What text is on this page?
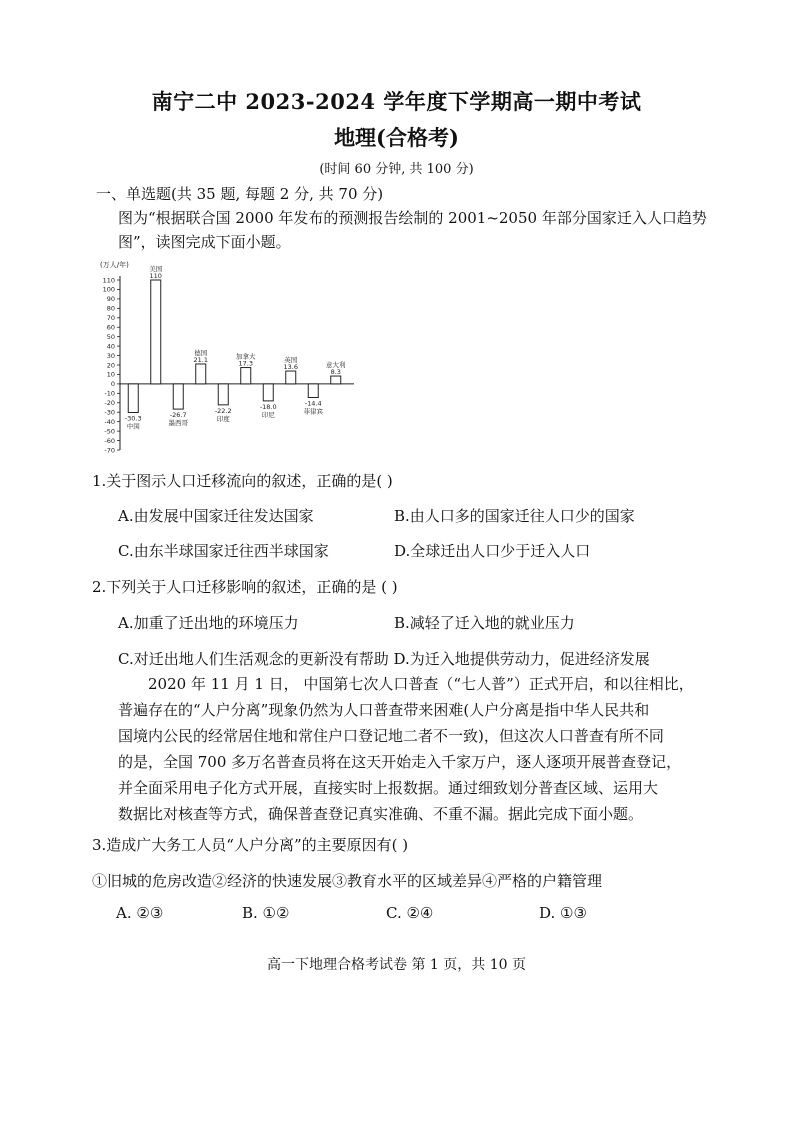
南宁二中 2023-2024 学年度下学期高一期中考试
地理(合格考)
(时间 60 分钟, 共 100 分)
一、单选题(共 35 题, 每题 2 分, 共 70 分)
图为“根据联合国 2000 年发布的预测报告绘制的 2001~2050 年部分国家迁入人口趋势图”，读图完成下面小题。
(万人/年)
110
100
90
80
70
60
50
40
30
20
10
0
-10
-20
-30
-40
-50
-60
-70
-30.3
中国
美国
110
-26.7
墨西哥
德国
21.1
-22.2
印度
加拿大
17.3
-18.0
印尼
英国
13.6
-14.4
菲律宾
意大利
8.3
1.关于图示人口迁移流向的叙述，正确的是( )
A.由发展中国家迁往发达国家	B.由人口多的国家迁往人口少的国家
C.由东半球国家迁往西半球国家	D.全球迁出人口少于迁入人口
2.下列关于人口迁移影响的叙述，正确的是 ( )
A.加重了迁出地的环境压力	B.减轻了迁入地的就业压力
C.对迁出地人们生活观念的更新没有帮助 D.为迁入地提供劳动力，促进经济发展

2020 年 11 月 1 日， 中国第七次人口普查（“七人普”）正式开启，和以往相比，

普遍存在的“人户分离”现象仍然为人口普查带来困难(人户分离是指中华人民共和

国境内公民的经常居住地和常住户口登记地二者不一致)，但这次人口普查有所不同

的是，全国 700 多万名普查员将在这天开始走入千家万户，逐人逐项开展普查登记，

并全面采用电子化方式开展，直接实时上报数据。通过细致划分普查区域、运用大

数据比对核查等方式，确保普查登记真实准确、不重不漏。据此完成下面小题。

3.造成广大务工人员“人户分离”的主要原因有( )
①旧城的危房改造②经济的快速发展③教育水平的区域差异④严格的户籍管理
A. ②③	B. ①②	C. ②④	D. ①③
高一下地理合格考试卷 第 1 页，共 10 页
